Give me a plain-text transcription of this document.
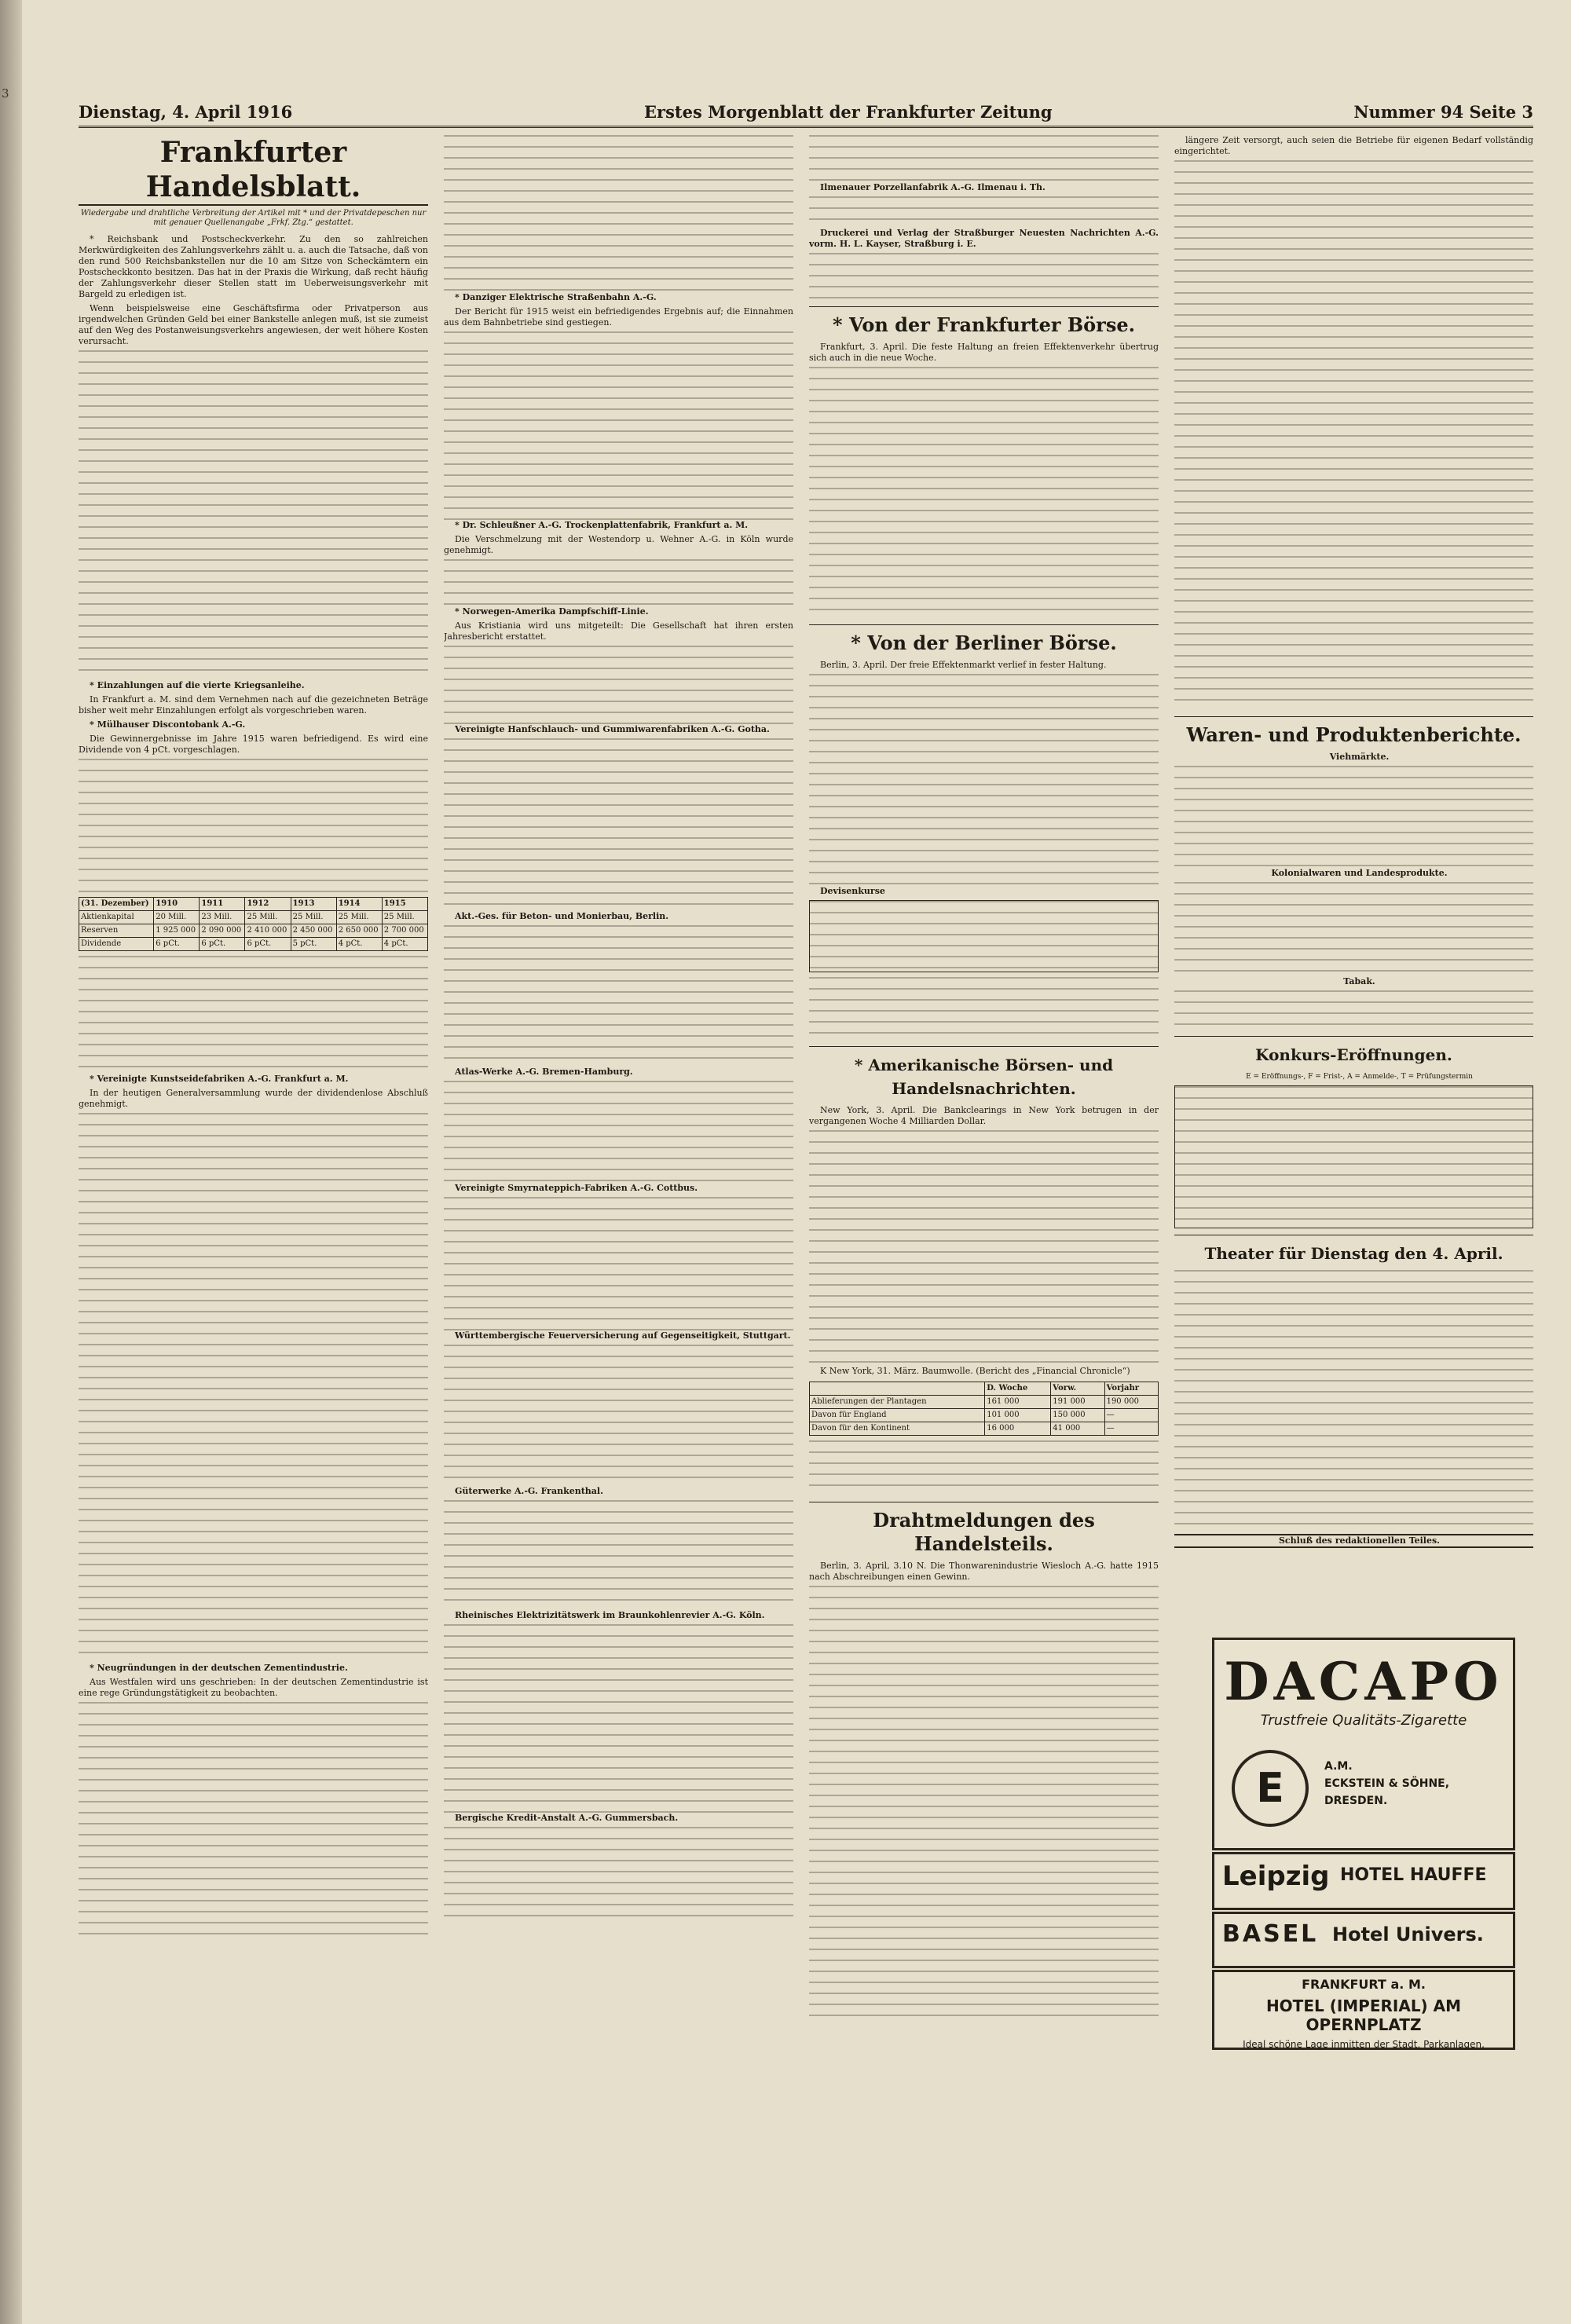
3
Dienstag, 4. April 1916	Erstes Morgenblatt der Frankfurter Zeitung	Nummer 94 Seite 3
Frankfurter Handelsblatt.
Wiedergabe und drahtliche Verbreitung der Artikel mit * und der Privatdepeschen nur mit genauer Quellenangabe „Frkf. Ztg.“ gestattet.

* Reichsbank und Postscheckverkehr. Zu den so zahlreichen Merkwürdigkeiten des Zahlungsverkehrs zählt u. a. auch die Tatsache, daß von den rund 500 Reichsbankstellen nur die 10 am Sitze von Scheckämtern ein Postscheckkonto besitzen. Das hat in der Praxis die Wirkung, daß recht häufig der Zahlungsverkehr dieser Stellen statt im Ueberweisungsverkehr mit Bargeld zu erledigen ist.

Wenn beispielsweise eine Geschäftsfirma oder Privatperson aus irgendwelchen Gründen Geld bei einer Bankstelle anlegen muß, ist sie zumeist auf den Weg des Postanweisungsverkehrs angewiesen, der weit höhere Kosten verursacht.

* Einzahlungen auf die vierte Kriegsanleihe.

In Frankfurt a. M. sind dem Vernehmen nach auf die gezeichneten Beträge bisher weit mehr Einzahlungen erfolgt als vorgeschrieben waren.

* Mülhauser Discontobank A.-G.

Die Gewinnergebnisse im Jahre 1915 waren befriedigend. Es wird eine Dividende von 4 pCt. vorgeschlagen.

(31. Dezember)	1910	1911	1912	1913	1914	1915
Aktienkapital	20 Mill.	23 Mill.	25 Mill.	25 Mill.	25 Mill.	25 Mill.
Reserven	1 925 000	2 090 000	2 410 000	2 450 000	2 650 000	2 700 000
Dividende	6 pCt.	6 pCt.	6 pCt.	5 pCt.	4 pCt.	4 pCt.

* Vereinigte Kunstseidefabriken A.-G. Frankfurt a. M.

In der heutigen Generalversammlung wurde der dividendenlose Abschluß genehmigt.

* Neugründungen in der deutschen Zementindustrie.

Aus Westfalen wird uns geschrieben: In der deutschen Zementindustrie ist eine rege Gründungstätigkeit zu beobachten.

* Danziger Elektrische Straßenbahn A.-G.

Der Bericht für 1915 weist ein befriedigendes Ergebnis auf; die Einnahmen aus dem Bahnbetriebe sind gestiegen.

* Dr. Schleußner A.-G. Trockenplattenfabrik, Frankfurt a. M.

Die Verschmelzung mit der Westendorp u. Wehner A.-G. in Köln wurde genehmigt.

* Norwegen-Amerika Dampfschiff-Linie.

Aus Kristiania wird uns mitgeteilt: Die Gesellschaft hat ihren ersten Jahresbericht erstattet.

Vereinigte Hanfschlauch- und Gummiwarenfabriken A.-G. Gotha.

Akt.-Ges. für Beton- und Monierbau, Berlin.

Atlas-Werke A.-G. Bremen-Hamburg.

Vereinigte Smyrnateppich-Fabriken A.-G. Cottbus.

Württembergische Feuerversicherung auf Gegenseitigkeit, Stuttgart.

Güterwerke A.-G. Frankenthal.

Rheinisches Elektrizitätswerk im Braunkohlenrevier A.-G. Köln.

Bergische Kredit-Anstalt A.-G. Gummersbach.

Ilmenauer Porzellanfabrik A.-G. Ilmenau i. Th.

Druckerei und Verlag der Straßburger Neuesten Nachrichten A.-G. vorm. H. L. Kayser, Straßburg i. E.

* Von der Frankfurter Börse.

Frankfurt, 3. April. Die feste Haltung an freien Effektenverkehr übertrug sich auch in die neue Woche.

* Von der Berliner Börse.

Berlin, 3. April. Der freie Effektenmarkt verlief in fester Haltung.

Devisenkurse

* Amerikanische Börsen- und Handelsnachrichten.

New York, 3. April. Die Bankclearings in New York betrugen in der vergangenen Woche 4 Milliarden Dollar.

K New York, 31. März. Baumwolle. (Bericht des „Financial Chronicle“)

	D. Woche	Vorw.	Vorjahr
Ablieferungen der Plantagen	161 000	191 000	190 000
Davon für England	101 000	150 000	—
Davon für den Kontinent	16 000	41 000	—
Drahtmeldungen des Handelsteils.

Berlin, 3. April, 3.10 N. Die Thonwarenindustrie Wiesloch A.-G. hatte 1915 nach Abschreibungen einen Gewinn.

längere Zeit versorgt, auch seien die Betriebe für eigenen Bedarf vollständig eingerichtet.

Waren- und Produktenberichte.

Viehmärkte.

Kolonialwaren und Landesprodukte.

Tabak.

Konkurs-Eröffnungen.

E = Eröffnungs-, F = Frist-, A = Anmelde-, T = Prüfungstermin

Theater für Dienstag den 4. April.

Schluß des redaktionellen Teiles.

DACAPO
Trustfreie Qualitäts-Zigarette
E	A.M.
ECKSTEIN & SÖHNE,
DRESDEN.
Leipzig HOTEL HAUFFE
BASEL Hotel Univers.
FRANKFURT a. M.
HOTEL (IMPERIAL) AM OPERNPLATZ
Ideal schöne Lage inmitten der Stadt, Parkanlagen.
